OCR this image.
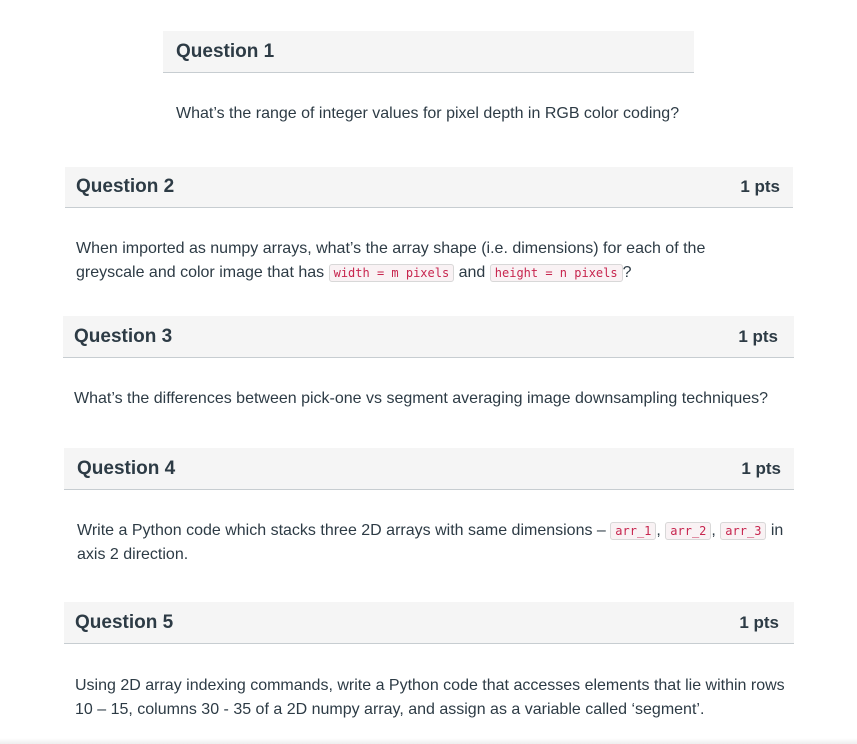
Question 1
What’s the range of integer values for pixel depth in RGB color coding?
Question 2	1 pts
When imported as numpy arrays, what’s the array shape (i.e. dimensions) for each of the greyscale and color image that has width = m pixels and height = n pixels ?
Question 3	1 pts
What’s the differences between pick-one vs segment averaging image downsampling techniques?
Question 4	1 pts
Write a Python code which stacks three 2D arrays with same dimensions – arr_1 , arr_2 , arr_3 in axis 2 direction.
Question 5	1 pts
Using 2D array indexing commands, write a Python code that accesses elements that lie within rows 10 – 15, columns 30 - 35 of a 2D numpy array, and assign as a variable called ‘segment’.
